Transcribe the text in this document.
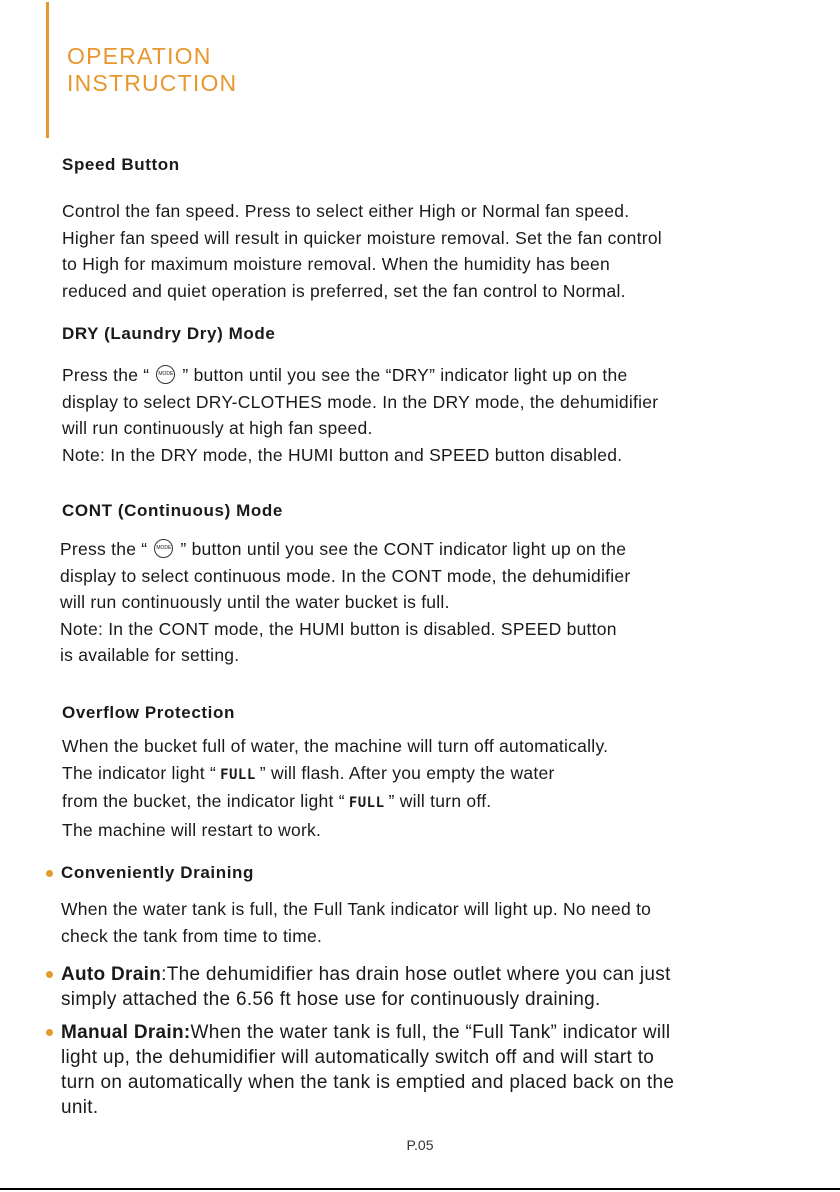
OPERATION
INSTRUCTION
Speed Button
Control the fan speed. Press to select either High or Normal fan speed.
Higher fan speed will result in quicker moisture removal. Set the fan control
to High for maximum moisture removal. When the humidity has been
reduced and quiet operation is preferred, set the fan control to Normal.
DRY (Laundry Dry) Mode
Press the “ MODE ” button until you see the “DRY” indicator light up on the
display to select DRY-CLOTHES mode. In the DRY mode, the dehumidifier
will run continuously at high fan speed.
Note: In the DRY mode, the HUMI button and SPEED button disabled.
CONT (Continuous) Mode
Press the “ MODE ” button until you see the CONT indicator light up on the
display to select continuous mode. In the CONT mode, the dehumidifier
will run continuously until the water bucket is full.
Note: In the CONT mode, the HUMI button is disabled. SPEED button
is available for setting.
Overflow Protection
When the bucket full of water, the machine will turn off automatically.
The indicator light “ FULL ” will flash. After you empty the water
from the bucket, the indicator light “ FULL ” will turn off.
The machine will restart to work.
Conveniently Draining
When the water tank is full, the Full Tank indicator will light up. No need to
check the tank from time to time.
Auto Drain:The dehumidifier has drain hose outlet where you can just
simply attached the 6.56 ft hose use for continuously draining.
Manual Drain:When the water tank is full, the “Full Tank” indicator will
light up, the dehumidifier will automatically switch off and will start to
turn on automatically when the tank is emptied and placed back on the
unit.
P.05
